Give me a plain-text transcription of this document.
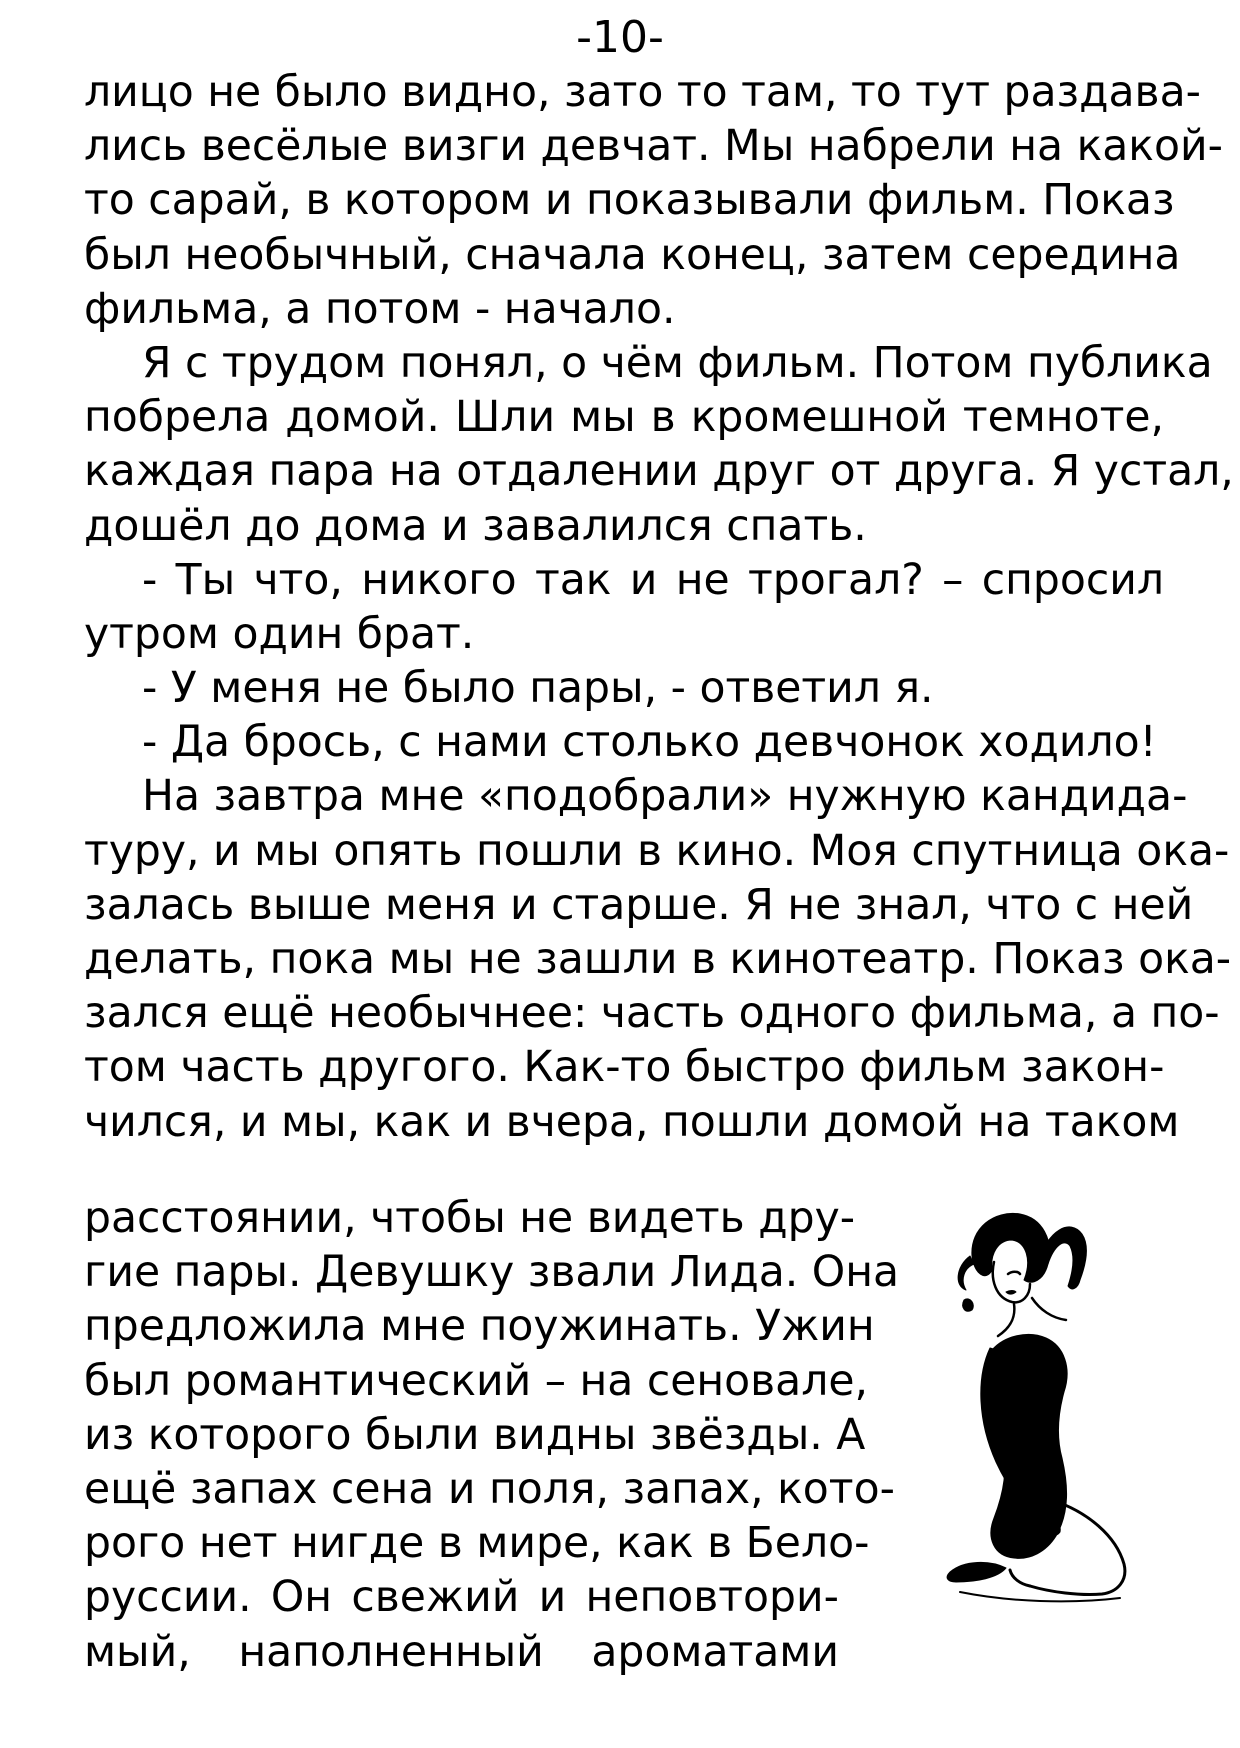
-10-
лицо не было видно, зато то там, то тут раздава-
лись весёлые визги девчат. Мы набрели на какой-
то сарай, в котором и показывали фильм. Показ
был необычный, сначала конец, затем середина
фильма, а потом - начало.
Я с трудом понял, о чём фильм. Потом публика
побрела домой. Шли мы в кромешной темноте,
каждая пара на отдалении друг от друга. Я устал,
дошёл до дома и завалился спать.
- Ты что, никого так и не трогал? – спросил
утром один брат.
- У меня не было пары, - ответил я.
- Да брось, с нами столько девчонок ходило!
На завтра мне «подобрали» нужную кандида-
туру, и мы опять пошли в кино. Моя спутница ока-
залась выше меня и старше. Я не знал, что с ней
делать, пока мы не зашли в кинотеатр. Показ ока-
зался ещё необычнее: часть одного фильма, а по-
том часть другого. Как-то быстро фильм закон-
чился, и мы, как и вчера, пошли домой на таком
расстоянии, чтобы не видеть дру-
гие пары. Девушку звали Лида. Она
предложила мне поужинать. Ужин
был романтический – на сеновале,
из которого были видны звёзды. А
ещё запах сена и поля, запах, кото-
рого нет нигде в мире, как в Бело-
руссии. Он свежий и неповтори-
мый, наполненный ароматами
